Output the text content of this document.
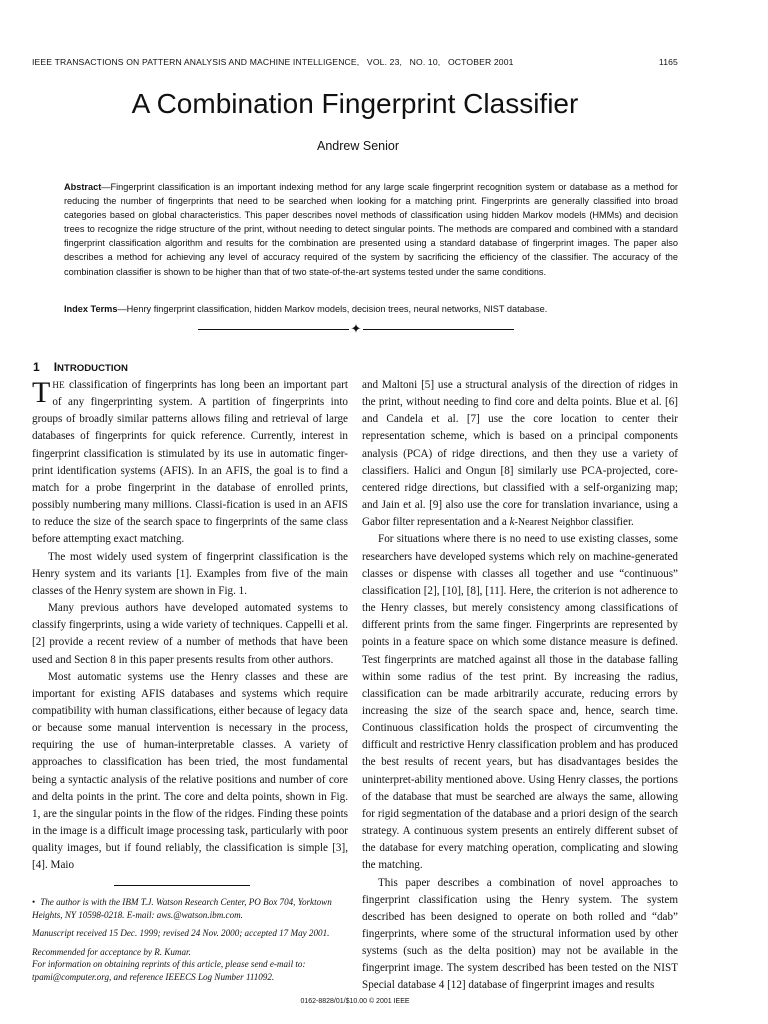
IEEE TRANSACTIONS ON PATTERN ANALYSIS AND MACHINE INTELLIGENCE,   VOL. 23,   NO. 10,   OCTOBER 2001	1165
A Combination Fingerprint Classifier
Andrew Senior

Abstract—Fingerprint classification is an important indexing method for any large scale fingerprint recognition system or database as a method for reducing the number of fingerprints that need to be searched when looking for a matching print. Fingerprints are generally classified into broad categories based on global characteristics. This paper describes novel methods of classification using hidden Markov models (HMMs) and decision trees to recognize the ridge structure of the print, without needing to detect singular points. The methods are compared and combined with a standard fingerprint classification algorithm and results for the combination are presented using a standard database of fingerprint images. The paper also describes a method for achieving any level of accuracy required of the system by sacrificing the efficiency of the classifier. The accuracy of the combination classifier is shown to be higher than that of two state-of-the-art systems tested under the same conditions.

Index Terms—Henry fingerprint classification, hidden Markov models, decision trees, neural networks, NIST database.

✦
1 INTRODUCTION

THE classification of fingerprints has long been an important part of any fingerprinting system. A partition of fingerprints into groups of broadly similar patterns allows filing and retrieval of large databases of fingerprints for quick reference. Currently, interest in fingerprint classification is stimulated by its use in automatic finger-print identification systems (AFIS). In an AFIS, the goal is to find a match for a probe fingerprint in the database of enrolled prints, possibly numbering many millions. Classi-fication is used in an AFIS to reduce the size of the search space to fingerprints of the same class before attempting exact matching.

The most widely used system of fingerprint classification is the Henry system and its variants [1]. Examples from five of the main classes of the Henry system are shown in Fig. 1.

Many previous authors have developed automated systems to classify fingerprints, using a wide variety of techniques. Cappelli et al. [2] provide a recent review of a number of methods that have been used and Section 8 in this paper presents results from other authors.

Most automatic systems use the Henry classes and these are important for existing AFIS databases and systems which require compatibility with human classifications, either because of legacy data or because some manual intervention is necessary in the process, requiring the use of human-interpretable classes. A variety of approaches to classification has been tried, the most fundamental being a syntactic analysis of the relative positions and number of core and delta points in the print. The core and delta points, shown in Fig. 1, are the singular points in the flow of the ridges. Finding these points in the image is a difficult image processing task, particularly with poor quality images, but if found reliably, the classification is simple [3], [4]. Maio

and Maltoni [5] use a structural analysis of the direction of ridges in the print, without needing to find core and delta points. Blue et al. [6] and Candela et al. [7] use the core location to center their representation scheme, which is based on a principal components analysis (PCA) of ridge directions, and then they use a variety of classifiers. Halici and Ongun [8] similarly use PCA-projected, core-centered ridge directions, but classified with a self-organizing map; and Jain et al. [9] also use the core for translation invariance, using a Gabor filter representation and a k-Nearest Neighbor classifier.

For situations where there is no need to use existing classes, some researchers have developed systems which rely on machine-generated classes or dispense with classes all together and use “continuous” classification [2], [10], [8], [11]. Here, the criterion is not adherence to the Henry classes, but merely consistency among classifications of different prints from the same finger. Fingerprints are represented by points in a feature space on which some distance measure is defined. Test fingerprints are matched against all those in the database falling within some radius of the test print. By increasing the radius, classification can be made arbitrarily accurate, reducing errors by increasing the size of the search space and, hence, search time. Continuous classification holds the prospect of circumventing the difficult and restrictive Henry classification problem and has produced the best results of recent years, but has disadvantages besides the uninterpret-ability mentioned above. Using Henry classes, the portions of the database that must be searched are always the same, allowing for rigid segmentation of the database and a priori design of the search strategy. A continuous system presents an entirely different subset of the database for every matching operation, complicating and slowing the matching.

This paper describes a combination of novel approaches to fingerprint classification using the Henry system. The system described has been designed to operate on both rolled and “dab” fingerprints, where some of the structural information used by other systems (such as the delta position) may not be available in the fingerprint image. The system described has been tested on the NIST Special database 4 [12] database of fingerprint images and results

• The author is with the IBM T.J. Watson Research Center, PO Box 704, Yorktown Heights, NY 10598-0218. E-mail: aws.@watson.ibm.com.

Manuscript received 15 Dec. 1999; revised 24 Nov. 2000; accepted 17 May 2001.

Recommended for acceptance by R. Kumar.

For information on obtaining reprints of this article, please send e-mail to: tpami@computer.org, and reference IEEECS Log Number 111092.

0162-8828/01/$10.00 © 2001 IEEE
